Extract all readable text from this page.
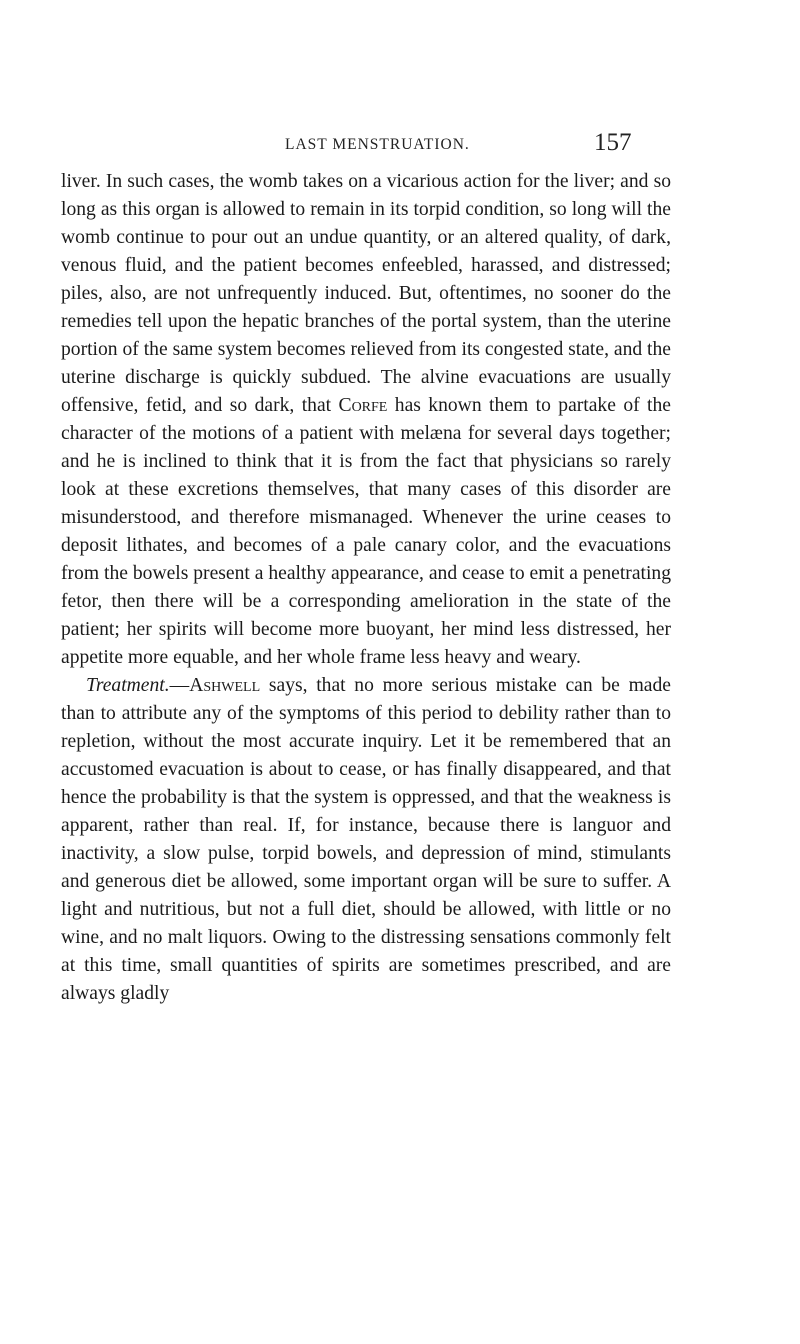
LAST MENSTRUATION.	157

liver. In such cases, the womb takes on a vicarious action for the liver; and so long as this organ is allowed to remain in its torpid condition, so long will the womb continue to pour out an undue quantity, or an altered quality, of dark, venous fluid, and the patient becomes enfeebled, harassed, and distressed; piles, also, are not unfrequently induced. But, oftentimes, no sooner do the remedies tell upon the hepatic branches of the portal system, than the uterine portion of the same system becomes relieved from its congested state, and the uterine discharge is quickly subdued. The alvine evacuations are usually offensive, fetid, and so dark, that Corfe has known them to partake of the character of the motions of a patient with melæna for several days together; and he is inclined to think that it is from the fact that physicians so rarely look at these excretions themselves, that many cases of this disorder are misunderstood, and therefore mismanaged. Whenever the urine ceases to deposit lithates, and becomes of a pale canary color, and the evacuations from the bowels present a healthy appearance, and cease to emit a penetrating fetor, then there will be a corresponding amelioration in the state of the patient; her spirits will become more buoyant, her mind less distressed, her appetite more equable, and her whole frame less heavy and weary.

Treatment.—Ashwell says, that no more serious mistake can be made than to attribute any of the symptoms of this period to debility rather than to repletion, without the most accurate inquiry. Let it be remembered that an accustomed evacuation is about to cease, or has finally disappeared, and that hence the probability is that the system is oppressed, and that the weakness is apparent, rather than real. If, for instance, because there is languor and inactivity, a slow pulse, torpid bowels, and depression of mind, stimulants and generous diet be allowed, some important organ will be sure to suffer. A light and nutritious, but not a full diet, should be allowed, with little or no wine, and no malt liquors. Owing to the distressing sensations commonly felt at this time, small quantities of spirits are sometimes prescribed, and are always gladly
